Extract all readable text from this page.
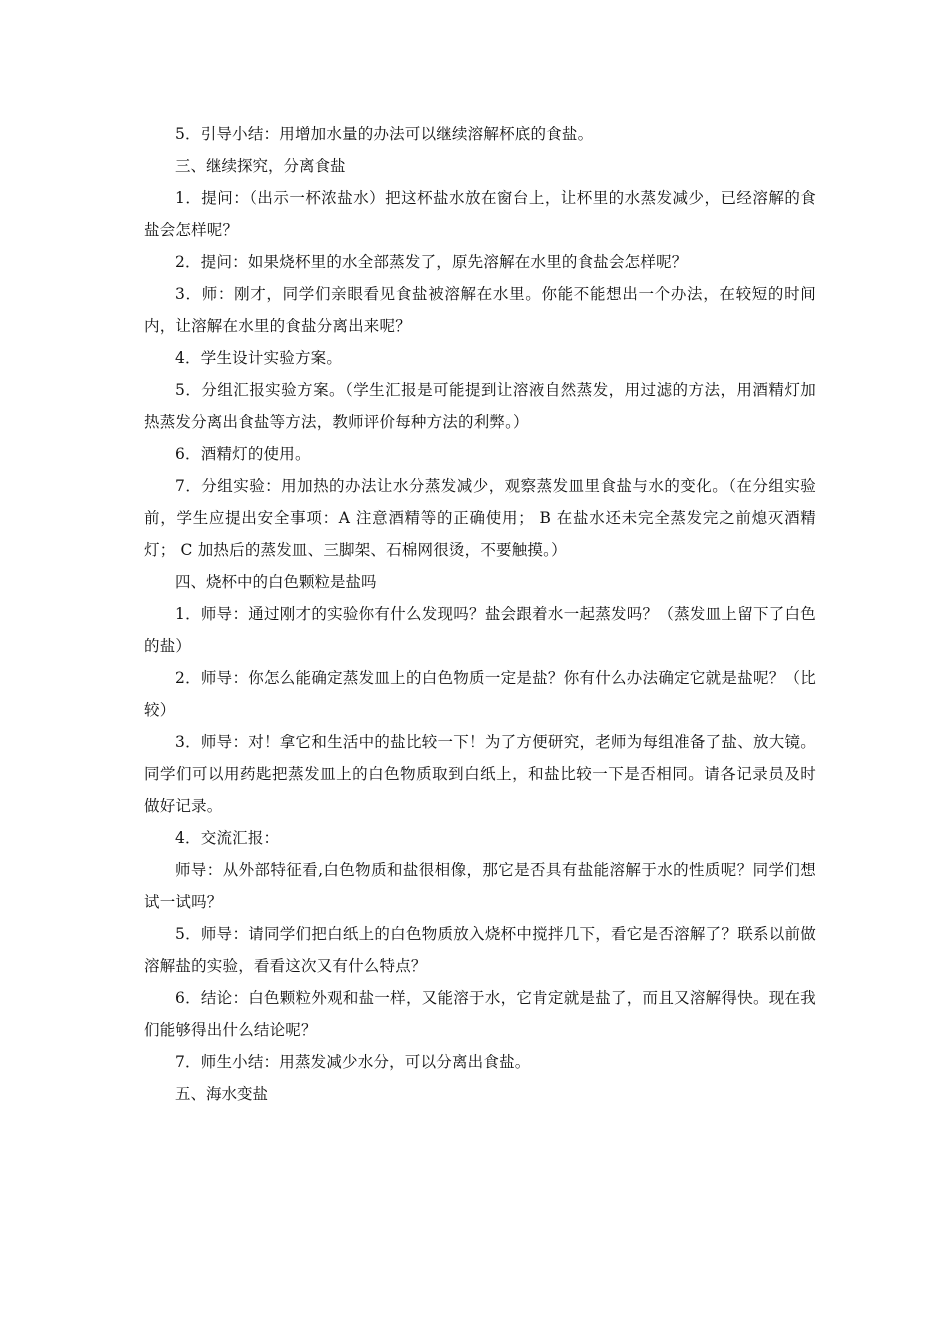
5．引导小结：用增加水量的办法可以继续溶解杯底的食盐。

三、继续探究，分离食盐

1．提问：（出示一杯浓盐水）把这杯盐水放在窗台上，让杯里的水蒸发减少，已经溶解的食盐会怎样呢？

2．提问：如果烧杯里的水全部蒸发了，原先溶解在水里的食盐会怎样呢？

3．师：刚才，同学们亲眼看见食盐被溶解在水里。你能不能想出一个办法，在较短的时间内，让溶解在水里的食盐分离出来呢？

4．学生设计实验方案。

5．分组汇报实验方案。（学生汇报是可能提到让溶液自然蒸发，用过滤的方法，用酒精灯加热蒸发分离出食盐等方法，教师评价每种方法的利弊。）

6．酒精灯的使用。

7．分组实验：用加热的办法让水分蒸发减少，观察蒸发皿里食盐与水的变化。（在分组实验前，学生应提出安全事项：A 注意酒精等的正确使用； B 在盐水还未完全蒸发完之前熄灭酒精灯； C 加热后的蒸发皿、三脚架、石棉网很烫，不要触摸。）

四、烧杯中的白色颗粒是盐吗

1．师导：通过刚才的实验你有什么发现吗？盐会跟着水一起蒸发吗？（蒸发皿上留下了白色的盐）

2．师导：你怎么能确定蒸发皿上的白色物质一定是盐？你有什么办法确定它就是盐呢？（比较）

3．师导：对！拿它和生活中的盐比较一下！为了方便研究，老师为每组准备了盐、放大镜。同学们可以用药匙把蒸发皿上的白色物质取到白纸上，和盐比较一下是否相同。请各记录员及时做好记录。

4．交流汇报：

师导：从外部特征看,白色物质和盐很相像，那它是否具有盐能溶解于水的性质呢？同学们想试一试吗？

5．师导：请同学们把白纸上的白色物质放入烧杯中搅拌几下，看它是否溶解了？联系以前做溶解盐的实验，看看这次又有什么特点？

6．结论：白色颗粒外观和盐一样，又能溶于水，它肯定就是盐了，而且又溶解得快。现在我们能够得出什么结论呢？

7．师生小结：用蒸发减少水分，可以分离出食盐。

五、海水变盐
